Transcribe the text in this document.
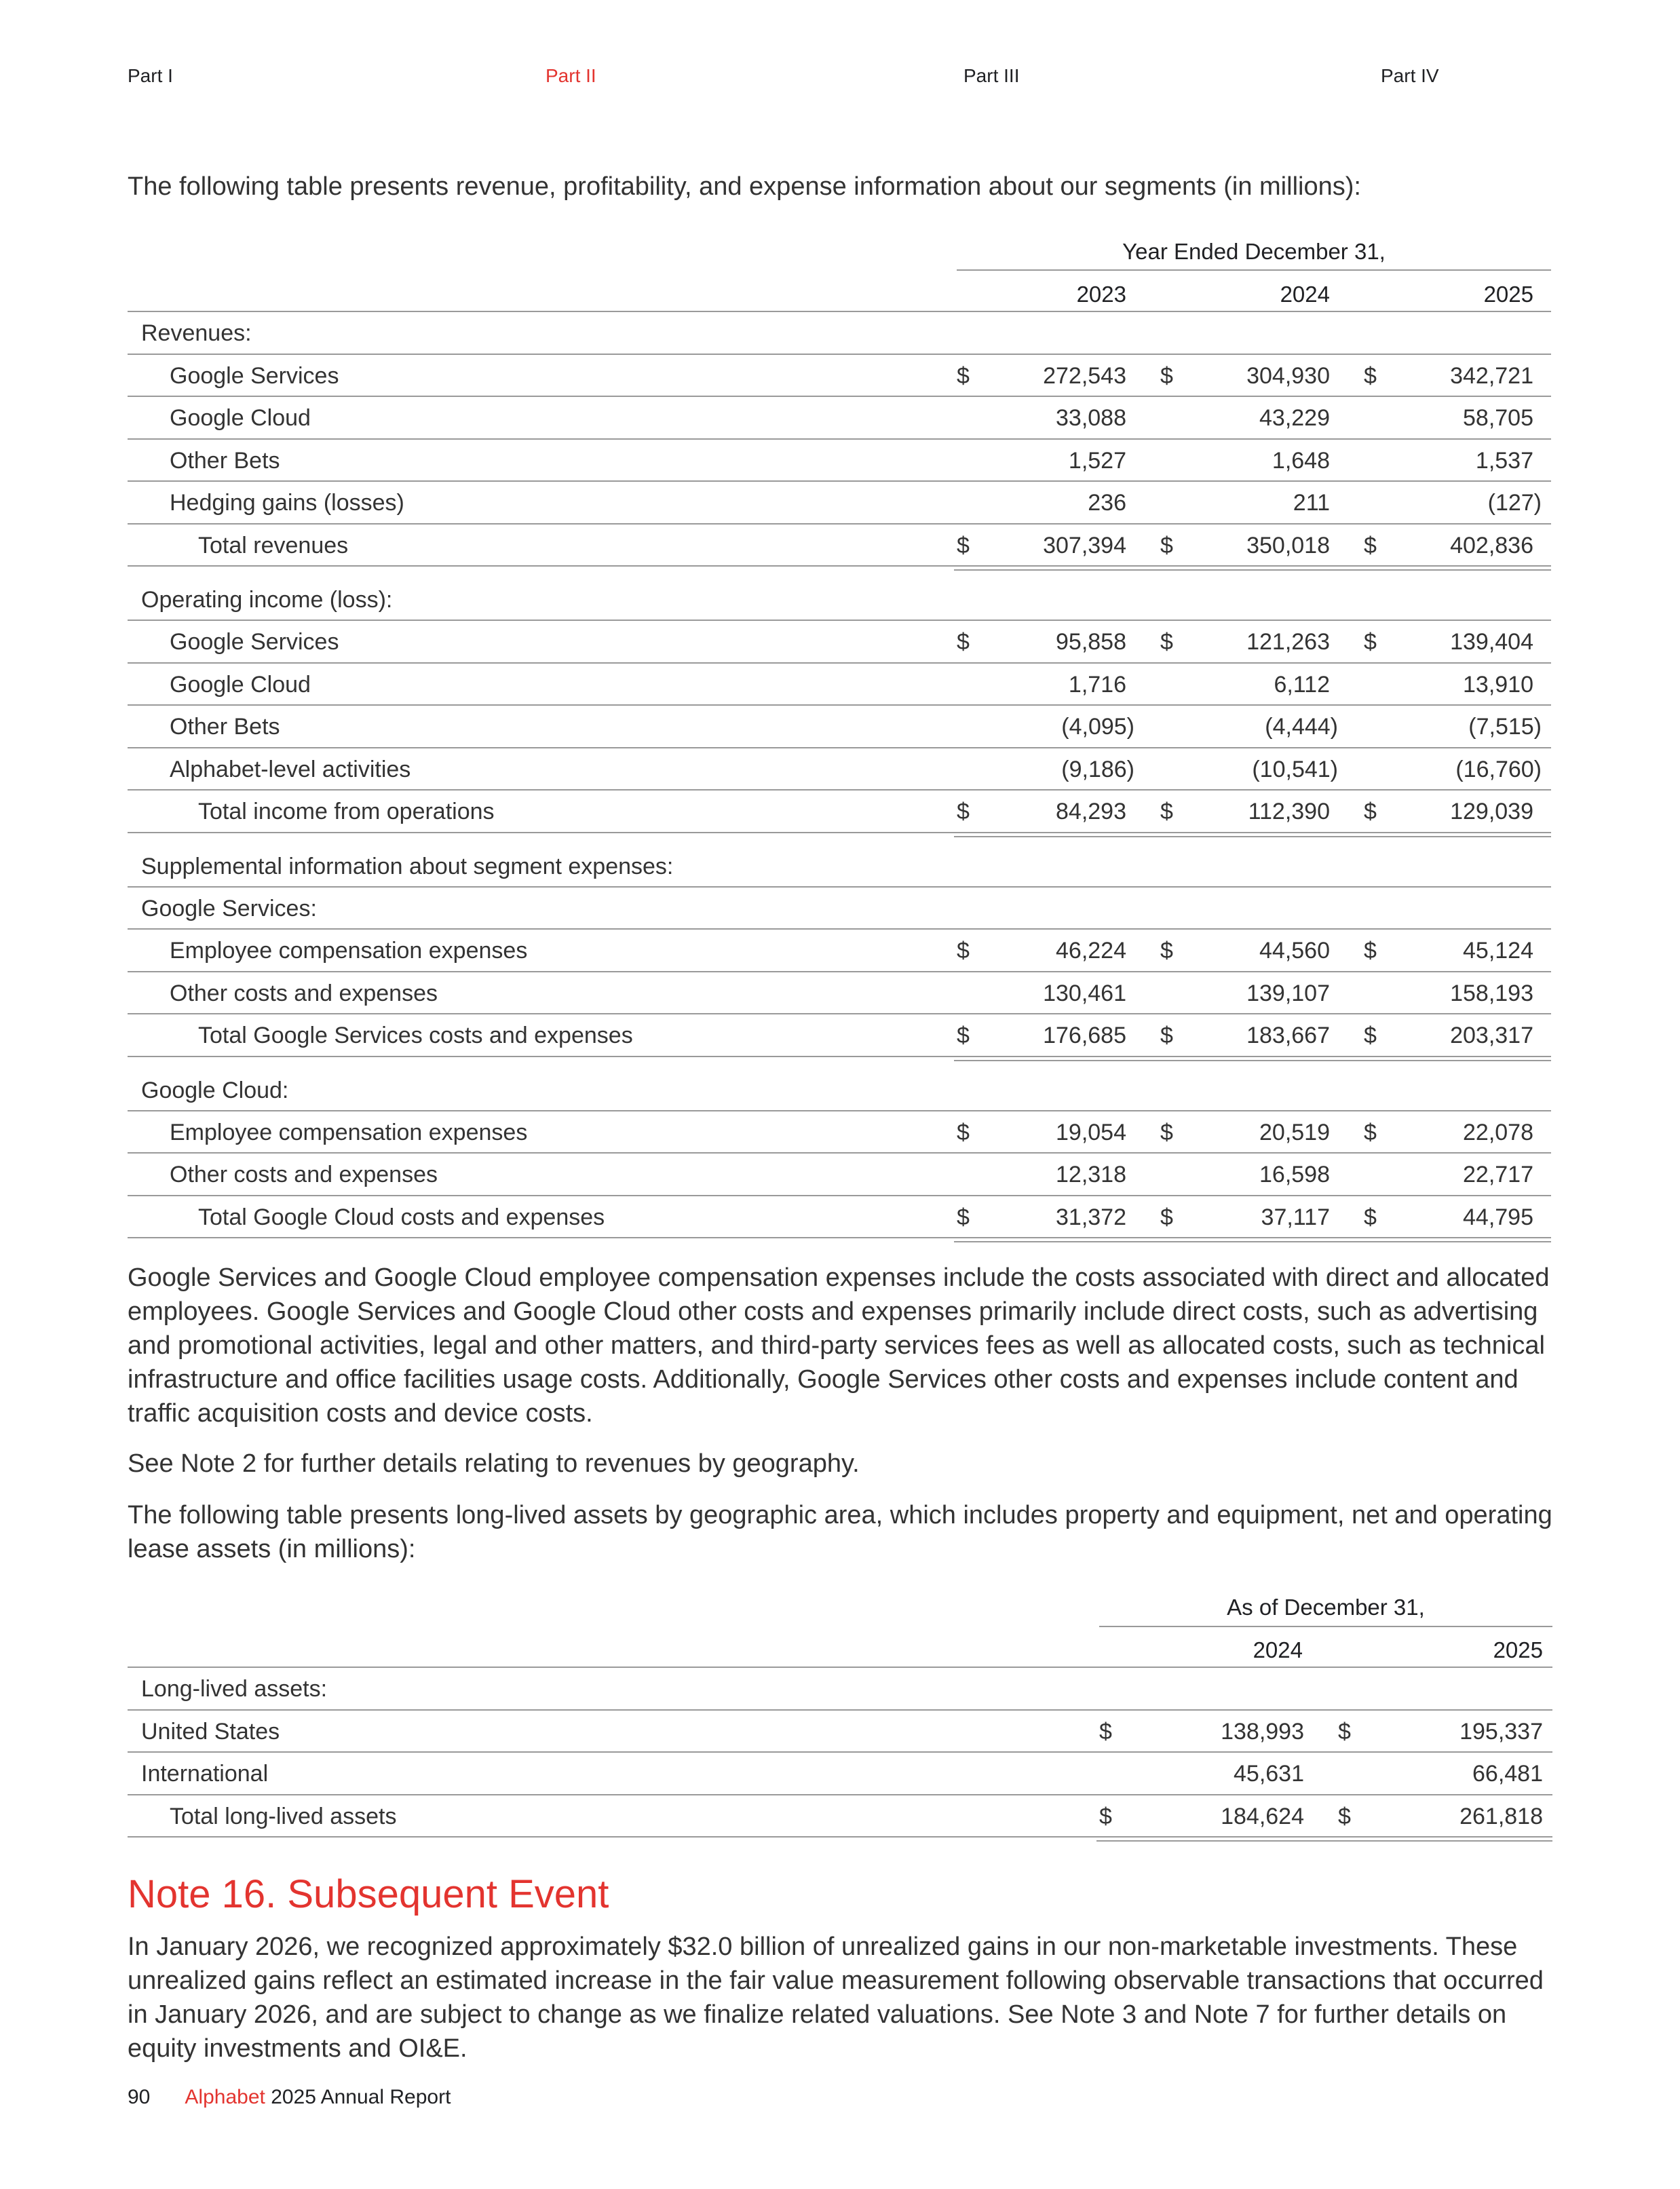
Part I	Part II	Part III	Part IV

The following table presents revenue, profitability, and expense information about our segments (in millions):

Year Ended December 31,
2023	2024	2025
Revenues:
Google Services	$	272,543 $	304,930 $	342,721
Google Cloud	33,088	43,229	58,705
Other Bets	1,527	1,648	1,537
Hedging gains (losses)	236	211	(127)
Total revenues	$	307,394 $	350,018 $	402,836
Operating income (loss):
Google Services	$	95,858 $	121,263 $	139,404
Google Cloud	1,716	6,112	13,910
Other Bets	(4,095)	(4,444)	(7,515)
Alphabet-level activities	(9,186)	(10,541)	(16,760)
Total income from operations	$	84,293 $	112,390 $	129,039
Supplemental information about segment expenses:
Google Services:
Employee compensation expenses	$	46,224 $	44,560 $	45,124
Other costs and expenses	130,461	139,107	158,193
Total Google Services costs and expenses	$	176,685 $	183,667 $	203,317
Google Cloud:
Employee compensation expenses	$	19,054 $	20,519 $	22,078
Other costs and expenses	12,318	16,598	22,717
Total Google Cloud costs and expenses	$	31,372 $	37,117 $	44,795

Google Services and Google Cloud employee compensation expenses include the costs associated with direct and allocated employees. Google Services and Google Cloud other costs and expenses primarily include direct costs, such as advertising and promotional activities, legal and other matters, and third-party services fees as well as allocated costs, such as technical infrastructure and office facilities usage costs. Additionally, Google Services other costs and expenses include content and traffic acquisition costs and device costs.

See Note 2 for further details relating to revenues by geography.

The following table presents long-lived assets by geographic area, which includes property and equipment, net and operating lease assets (in millions):

As of December 31,
2024	2025
Long-lived assets:
United States	$	138,993 $	195,337
International	45,631	66,481
Total long-lived assets	$	184,624 $	261,818
Note 16. Subsequent Event

In January 2026, we recognized approximately $32.0 billion of unrealized gains in our non-marketable investments. These unrealized gains reflect an estimated increase in the fair value measurement following observable transactions that occurred in January 2026, and are subject to change as we finalize related valuations. See Note 3 and Note 7 for further details on equity investments and OI&E.

90 Alphabet 2025 Annual Report
